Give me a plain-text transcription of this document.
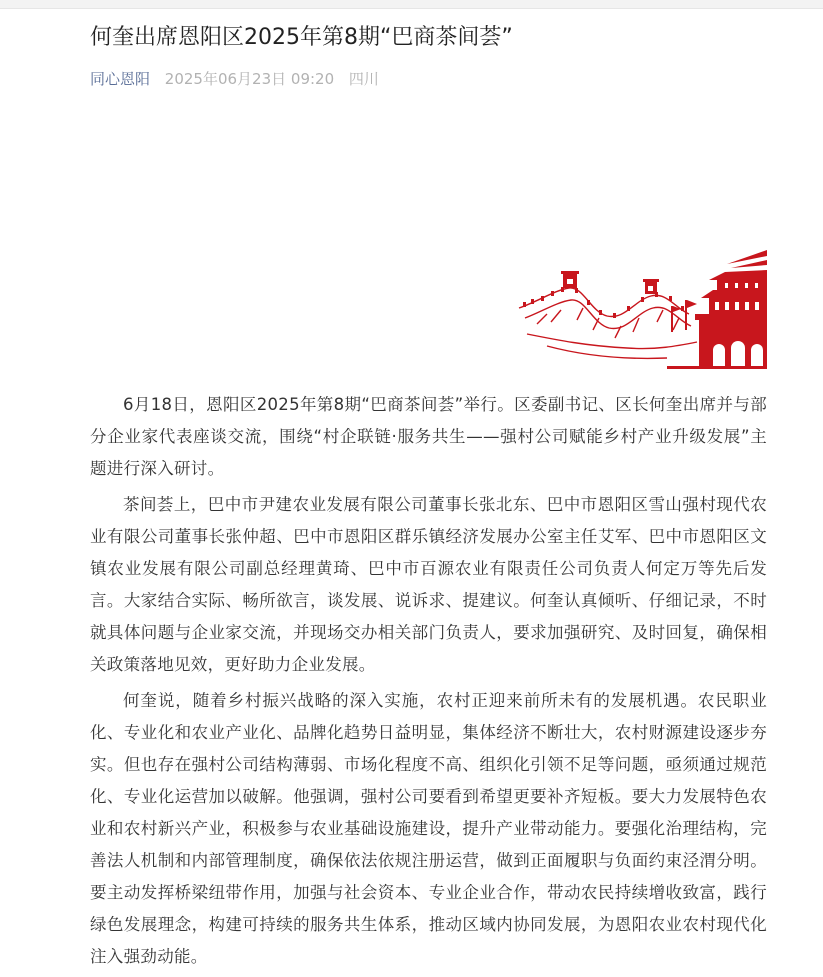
何奎出席恩阳区2025年第8期“巴商茶间荟”
同心恩阳 2025年06月23日 09:20 四川

6月18日，恩阳区2025年第8期“巴商茶间荟”举行。区委副书记、区长何奎出席并与部分企业家代表座谈交流，围绕“村企联链·服务共生——强村公司赋能乡村产业升级发展”主题进行深入研讨。

茶间荟上，巴中市尹建农业发展有限公司董事长张北东、巴中市恩阳区雪山强村现代农业有限公司董事长张仲超、巴中市恩阳区群乐镇经济发展办公室主任艾军、巴中市恩阳区文镇农业发展有限公司副总经理黄琦、巴中市百源农业有限责任公司负责人何定万等先后发言。大家结合实际、畅所欲言，谈发展、说诉求、提建议。何奎认真倾听、仔细记录，不时就具体问题与企业家交流，并现场交办相关部门负责人，要求加强研究、及时回复，确保相关政策落地见效，更好助力企业发展。

何奎说，随着乡村振兴战略的深入实施，农村正迎来前所未有的发展机遇。农民职业化、专业化和农业产业化、品牌化趋势日益明显，集体经济不断壮大，农村财源建设逐步夯实。但也存在强村公司结构薄弱、市场化程度不高、组织化引领不足等问题，亟须通过规范化、专业化运营加以破解。他强调，强村公司要看到希望更要补齐短板。要大力发展特色农业和农村新兴产业，积极参与农业基础设施建设，提升产业带动能力。要强化治理结构，完善法人机制和内部管理制度，确保依法依规注册运营，做到正面履职与负面约束泾渭分明。要主动发挥桥梁纽带作用，加强与社会资本、专业企业合作，带动农民持续增收致富，践行绿色发展理念，构建可持续的服务共生体系，推动区域内协同发展，为恩阳农业农村现代化注入强劲动能。
